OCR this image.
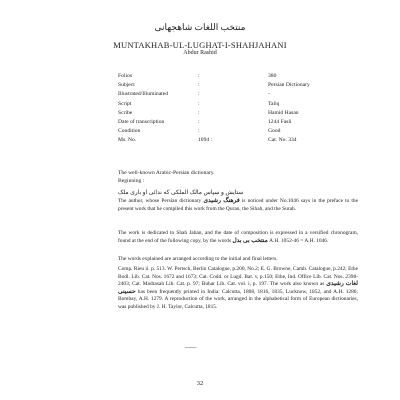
منتخب اللغات شاهجهانی
MUNTAKHAB-UL-LUGHAT-I-SHAHJAHANI
Abdur Rashid
Folios	:	380
Subject	:	Persian Dictionary
Illustrated/Illuminated	:	-
Script	:	Taliq
Scribe	:	Hamid Hasan
Date of transcription	:	1244 Fasli
Condition	:	Good
Ms. No.	1094 :	Cat. No. 334
The well-known Arabic-Persian dictionary.
Beginning :
ستایش و سپاس مالک الملکی که ندائی او باری ملک

The author, whose Persian dictionary فرهنگ رشیدی is noticed under No.1046 says in the preface to the present work that he compiled this work from the Quran, the Sihah, and the Surah.

The work is dedicated to Shah Jahan, and the date of composition is expressed in a versified chronogram, found at the end of the following copy, by the words منتخب بی بدل A.H. 1052-46 = A.H. 1046.

The words explained are arranged according to the initial and final letters.

Comp. Rieu ii. p. 513. W. Pertsch, Berlin Catalogue, p.200, No.2; E. G. Browne, Camb. Catalogue, p.242; Ethe Bodl. Lib. Cat. Nos. 1672 and 1673; Cat. Codd. or Lugd. Bat. v, p.150; Ethe, Ind. Office Lib. Cat. Nos. 2398-2403; Cat. Madrasah Lib. Cat. p. 97; Buhar Lib. Cat. vol. i, p. 197. The work also known as لغات رشیدی حسینی has been frequently printed in India: Calcutta, 1808, 1816, 1835, Lucknow, 1852, and A.H. 1286; Bombay, A.H. 1279. A reproduction of the work, arranged in the alphabetical form of European dictionaries, was published by J. H. Taylor, Calcutta, 1815.

——
32
